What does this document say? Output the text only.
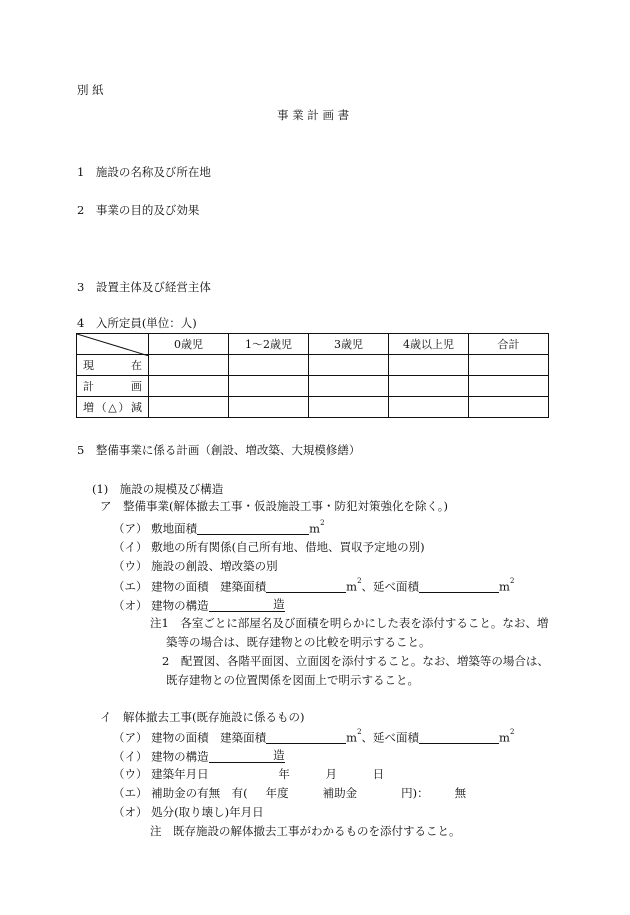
別 紙
事 業 計 画 書
1　施設の名称及び所在地
2　事業の目的及び効果
3　設置主体及び経営主体
4　入所定員(単位：人)
	0歳児	1～2歳児	3歳児	4歳以上児	合計
現　在					
計　画					
増（△）減					
5　整備事業に係る計画（創設、増改築、大規模修繕）
(1)　施設の規模及び構造
ア　整備事業(解体撤去工事・仮設施設工事・防犯対策強化を除く。)
（ア） 敷地面積	$m^2$
（イ） 敷地の所有関係(自己所有地、借地、買収予定地の別)
（ウ） 施設の創設、増改築の別
（エ） 建物の面積　建築面積	$m^2$、延べ面積	$m^2$
（オ） 建物の構造	造
注1　各室ごとに部屋名及び面積を明らかにした表を添付すること。なお、増
築等の場合は、既存建物との比較を明示すること。
2　配置図、各階平面図、立面図を添付すること。なお、増築等の場合は、
既存建物との位置関係を図面上で明示すること。
イ　解体撤去工事(既存施設に係るもの)
（ア） 建物の面積　建築面積	$m^2$、延べ面積	$m^2$
（イ） 建物の構造	造
（ウ） 建築年月日	年	月	日
（エ） 補助金の有無　有( 年度	補助金	円)： 無
（オ） 処分(取り壊し)年月日
注　既存施設の解体撤去工事がわかるものを添付すること。
